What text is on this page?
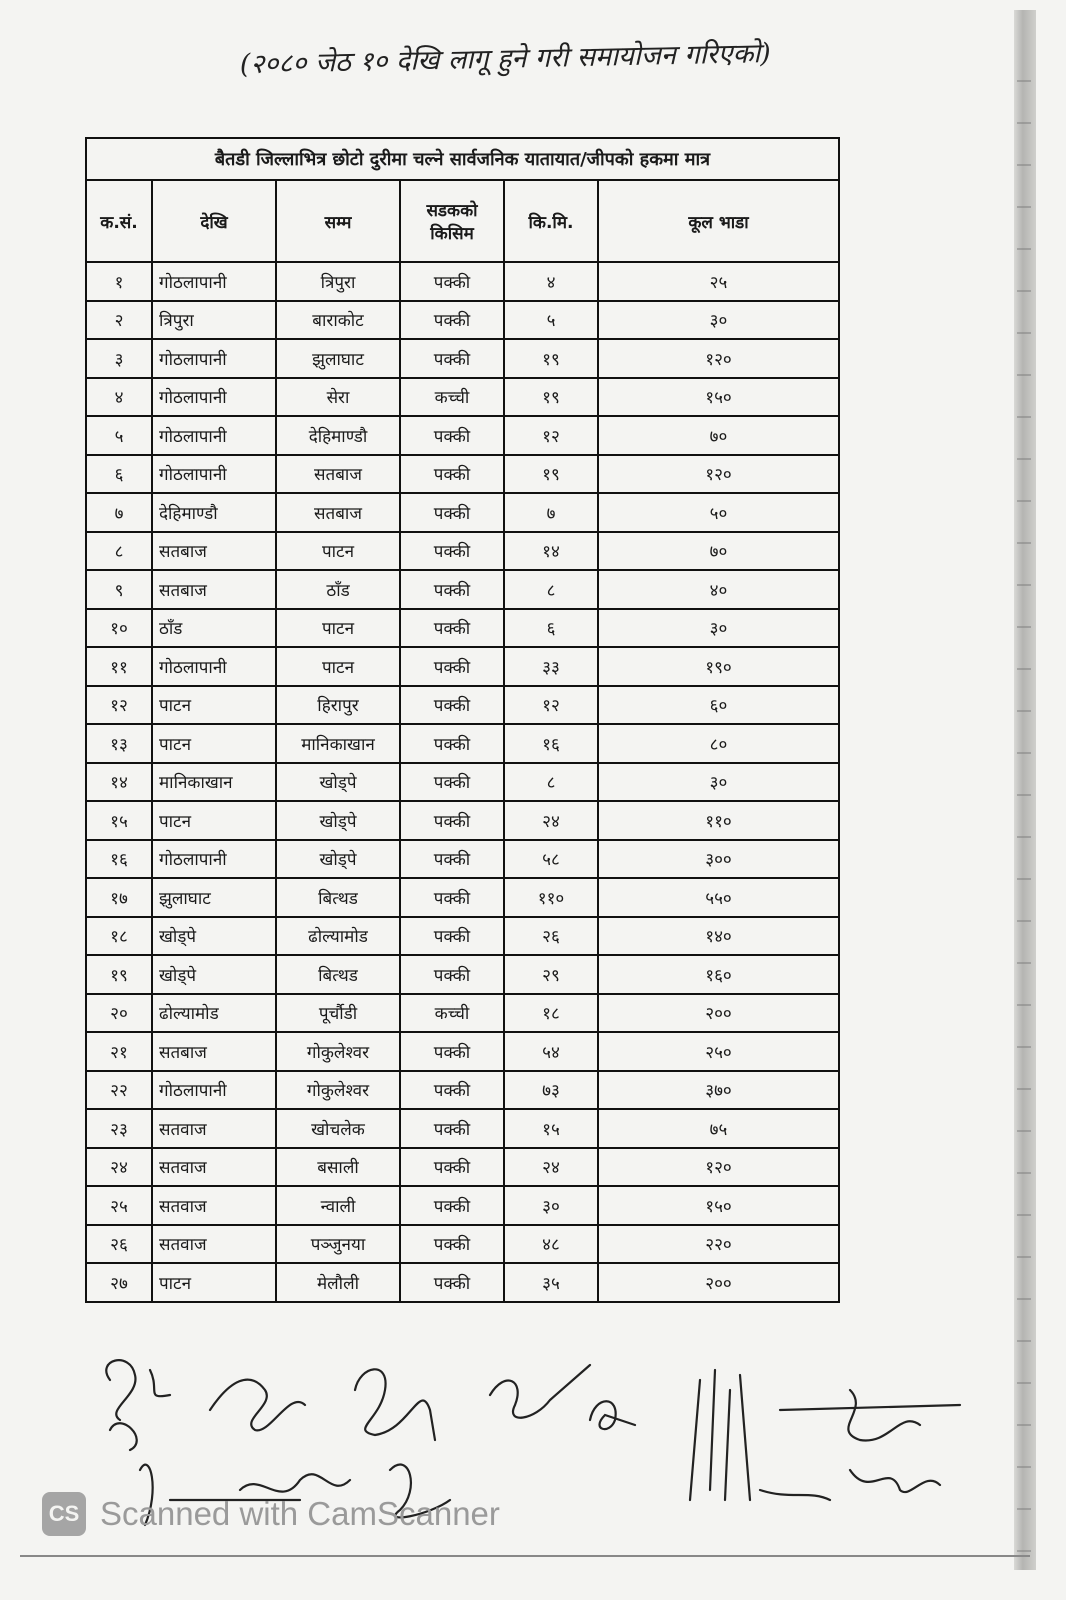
(२०८० जेठ १० देखि लागू हुने गरी समायोजन गरिएको)
बैतडी जिल्लाभित्र छोटो दुरीमा चल्ने सार्वजनिक यातायात/जीपको हकमा मात्र					
क.सं.	देखि	सम्म	सडकको किसिम	कि.मि.	कूल भाडा
१	गोठलापानी	त्रिपुरा	पक्की	४	२५
२	त्रिपुरा	बाराकोट	पक्की	५	३०
३	गोठलापानी	झुलाघाट	पक्की	१९	१२०
४	गोठलापानी	सेरा	कच्ची	१९	१५०
५	गोठलापानी	देहिमाण्डौ	पक्की	१२	७०
६	गोठलापानी	सतबाज	पक्की	१९	१२०
७	देहिमाण्डौ	सतबाज	पक्की	७	५०
८	सतबाज	पाटन	पक्की	१४	७०
९	सतबाज	ठाँड	पक्की	८	४०
१०	ठाँड	पाटन	पक्की	६	३०
११	गोठलापानी	पाटन	पक्की	३३	१९०
१२	पाटन	हिरापुर	पक्की	१२	६०
१३	पाटन	मानिकाखान	पक्की	१६	८०
१४	मानिकाखान	खोड्पे	पक्की	८	३०
१५	पाटन	खोड्पे	पक्की	२४	११०
१६	गोठलापानी	खोड्पे	पक्की	५८	३००
१७	झुलाघाट	बित्थड	पक्की	११०	५५०
१८	खोड्पे	ढोल्यामोड	पक्की	२६	१४०
१९	खोड्पे	बित्थड	पक्की	२९	१६०
२०	ढोल्यामोड	पूर्चौडी	कच्ची	१८	२००
२१	सतबाज	गोकुलेश्वर	पक्की	५४	२५०
२२	गोठलापानी	गोकुलेश्वर	पक्की	७३	३७०
२३	सतवाज	खोचलेक	पक्की	१५	७५
२४	सतवाज	बसाली	पक्की	२४	१२०
२५	सतवाज	न्वाली	पक्की	३०	१५०
२६	सतवाज	पञ्जुनया	पक्की	४८	२२०
२७	पाटन	मेलौली	पक्की	३५	२००
CS Scanned with CamScanner
